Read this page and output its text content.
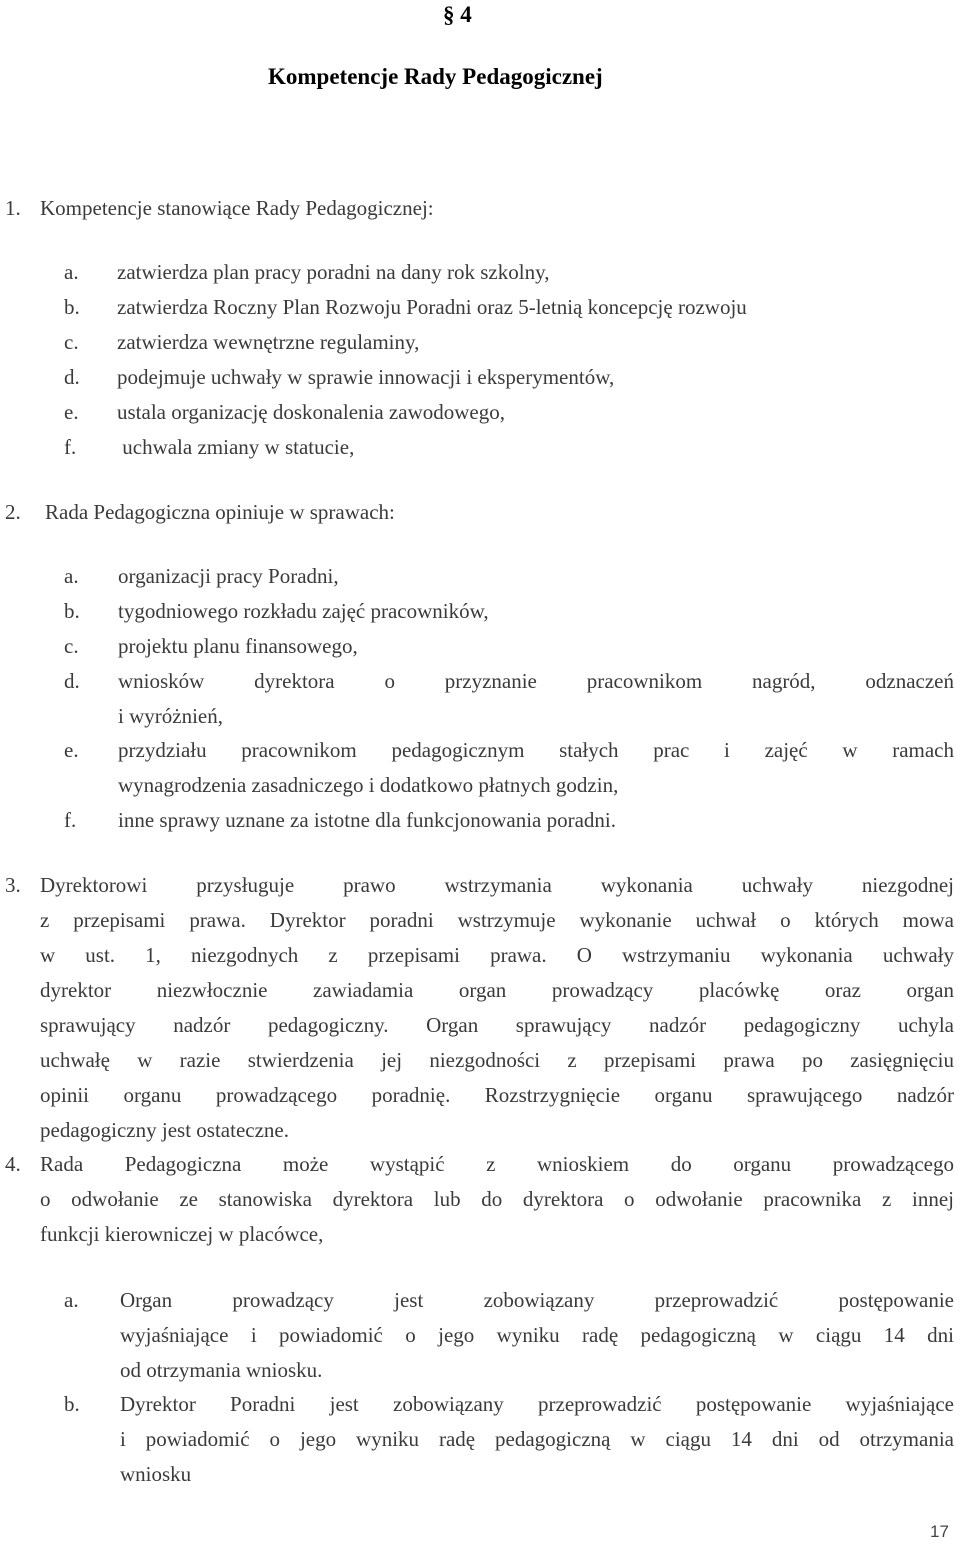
§ 4
Kompetencje Rady Pedagogicznej
1. Kompetencje stanowiące Rady Pedagogicznej:
a. zatwierdza plan pracy poradni na dany rok szkolny,
b. zatwierdza Roczny Plan Rozwoju Poradni oraz 5-letnią koncepcję rozwoju
c. zatwierdza wewnętrzne regulaminy,
d. podejmuje uchwały w sprawie innowacji i eksperymentów,
e. ustala organizację doskonalenia zawodowego,
f. uchwala zmiany w statucie,
2. Rada Pedagogiczna opiniuje w sprawach:
a. organizacji pracy Poradni,
b. tygodniowego rozkładu zajęć pracowników,
c. projektu planu finansowego,
d. wniosków dyrektora o przyznanie pracownikom nagród, odznaczeń
i wyróżnień,
e. przydziału pracownikom pedagogicznym stałych prac i zajęć w ramach
wynagrodzenia zasadniczego i dodatkowo płatnych godzin,
f. inne sprawy uznane za istotne dla funkcjonowania poradni.
3. Dyrektorowi przysługuje prawo wstrzymania wykonania uchwały niezgodnej
z przepisami prawa. Dyrektor poradni wstrzymuje wykonanie uchwał o których mowa
w ust. 1, niezgodnych z przepisami prawa. O wstrzymaniu wykonania uchwały
dyrektor niezwłocznie zawiadamia organ prowadzący placówkę oraz organ
sprawujący nadzór pedagogiczny. Organ sprawujący nadzór pedagogiczny uchyla
uchwałę w razie stwierdzenia jej niezgodności z przepisami prawa po zasięgnięciu
opinii organu prowadzącego poradnię. Rozstrzygnięcie organu sprawującego nadzór
pedagogiczny jest ostateczne.
4. Rada Pedagogiczna może wystąpić z wnioskiem do organu prowadzącego
o odwołanie ze stanowiska dyrektora lub do dyrektora o odwołanie pracownika z innej
funkcji kierowniczej w placówce,
a. Organ prowadzący jest zobowiązany przeprowadzić postępowanie
wyjaśniające i powiadomić o jego wyniku radę pedagogiczną w ciągu 14 dni
od otrzymania wniosku.
b. Dyrektor Poradni jest zobowiązany przeprowadzić postępowanie wyjaśniające
i powiadomić o jego wyniku radę pedagogiczną w ciągu 14 dni od otrzymania
wniosku
17
